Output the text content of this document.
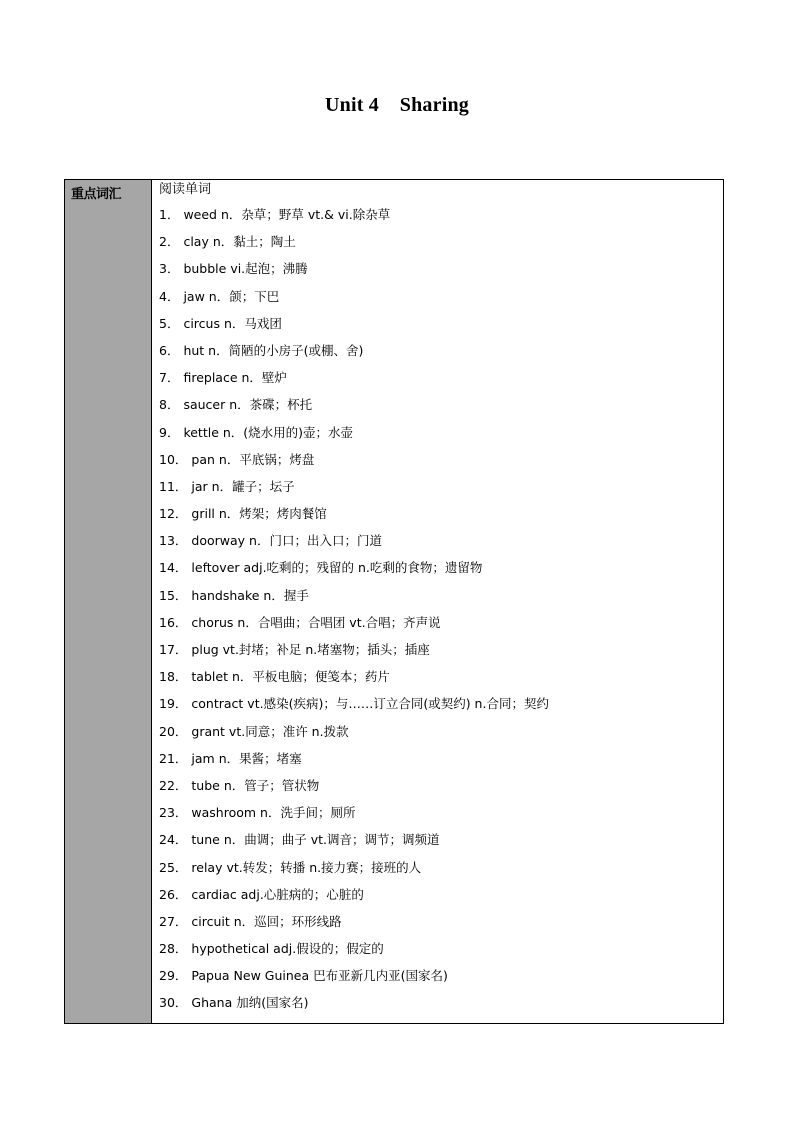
Unit 4    Sharing
重点词汇	阅读单词
1． weed n．杂草；野草 vt.& vi.除杂草
2． clay n．黏土；陶土
3． bubble vi.起泡；沸腾
4． jaw n．颌；下巴
5． circus n．马戏团
6． hut n．简陋的小房子(或棚、舍)
7． fireplace n．壁炉
8． saucer n．茶碟；杯托
9． kettle n．(烧水用的)壶；水壶
10． pan n．平底锅；烤盘
11． jar n．罐子；坛子
12． grill n．烤架；烤肉餐馆
13． doorway n．门口；出入口；门道
14． leftover adj.吃剩的；残留的 n.吃剩的食物；遗留物
15． handshake n．握手
16． chorus n．合唱曲；合唱团 vt.合唱；齐声说
17． plug vt.封堵；补足 n.堵塞物；插头；插座
18． tablet n．平板电脑；便笺本；药片
19． contract vt.感染(疾病)；与……订立合同(或契约) n.合同；契约
20． grant vt.同意；准许 n.拨款
21． jam n．果酱；堵塞
22． tube n．管子；管状物
23． washroom n．洗手间；厕所
24． tune n．曲调；曲子 vt.调音；调节；调频道
25． relay vt.转发；转播 n.接力赛；接班的人
26． cardiac adj.心脏病的；心脏的
27． circuit n．巡回；环形线路
28． hypothetical adj.假设的；假定的
29． Papua New Guinea 巴布亚新几内亚(国家名)
30． Ghana 加纳(国家名)
